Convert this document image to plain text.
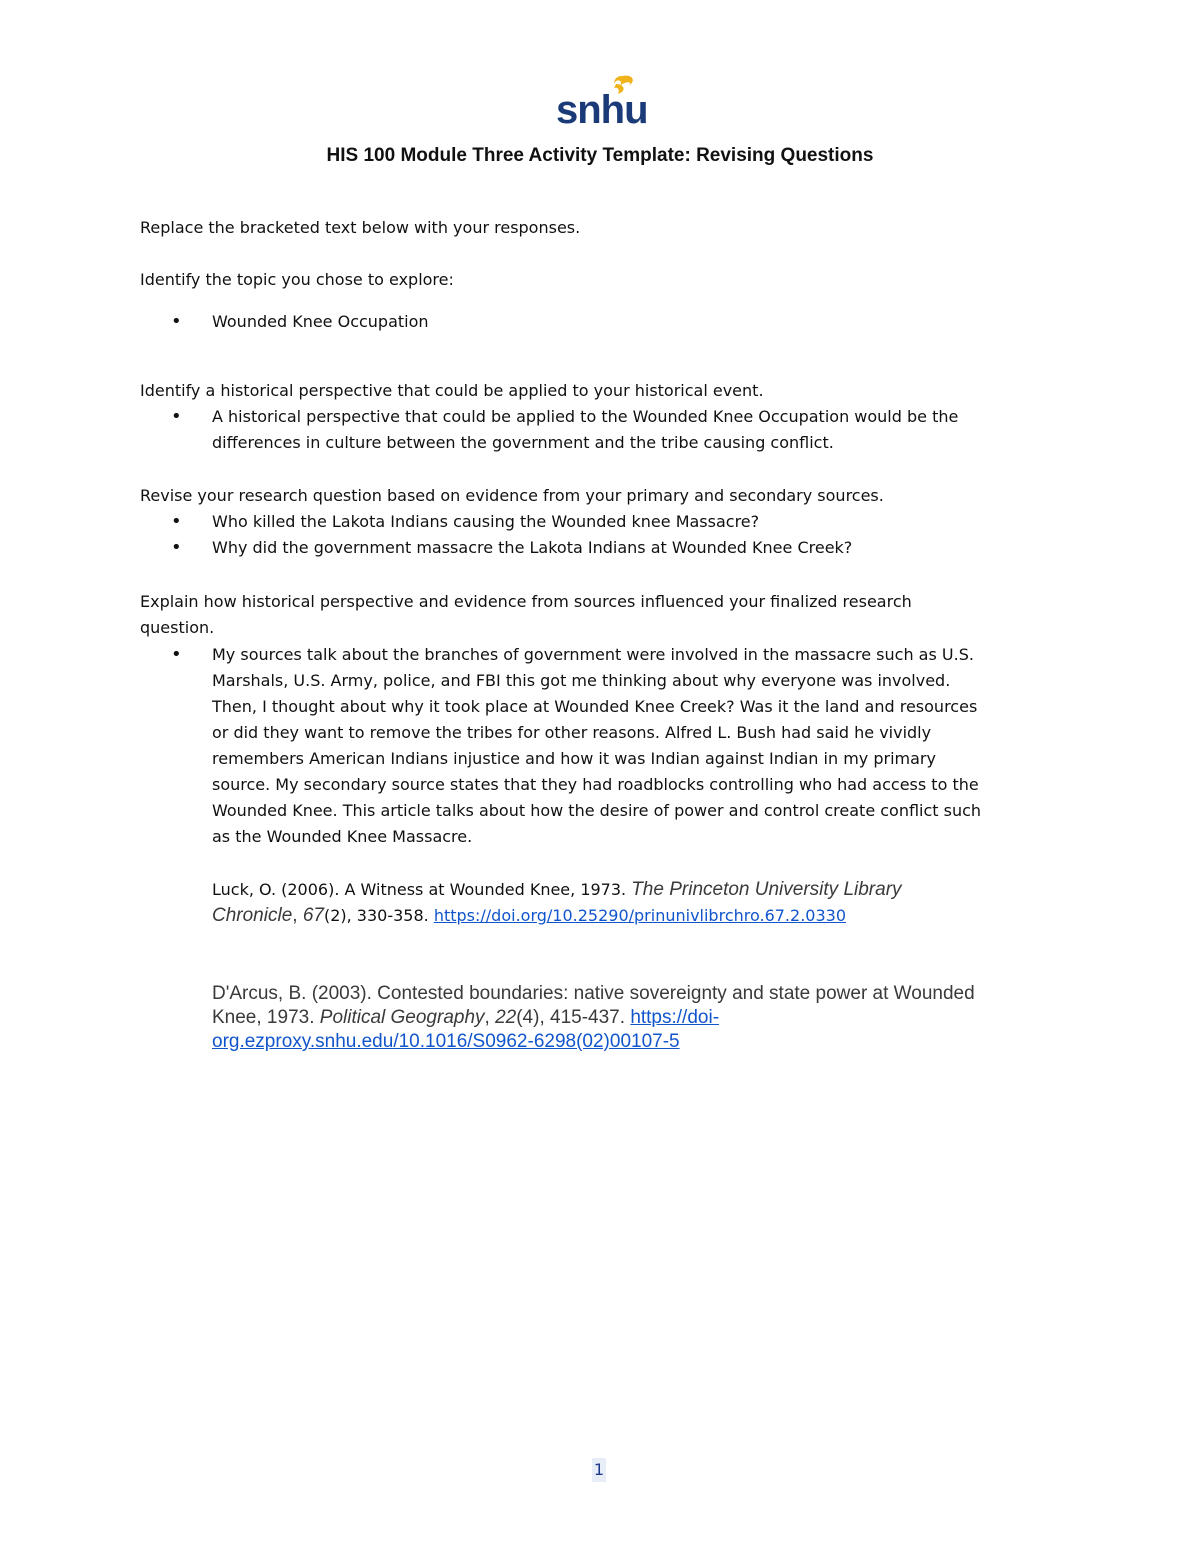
snhu
HIS 100 Module Three Activity Template: Revising Questions
Replace the bracketed text below with your responses.
Identify the topic you chose to explore:
•	Wounded Knee Occupation
Identify a historical perspective that could be applied to your historical event.
•	A historical perspective that could be applied to the Wounded Knee Occupation would be the
differences in culture between the government and the tribe causing conflict.
Revise your research question based on evidence from your primary and secondary sources.
•	Who killed the Lakota Indians causing the Wounded knee Massacre?
•	Why did the government massacre the Lakota Indians at Wounded Knee Creek?
Explain how historical perspective and evidence from sources influenced your finalized research
question.
•	My sources talk about the branches of government were involved in the massacre such as U.S.
Marshals, U.S. Army, police, and FBI this got me thinking about why everyone was involved.
Then, I thought about why it took place at Wounded Knee Creek? Was it the land and resources
or did they want to remove the tribes for other reasons. Alfred L. Bush had said he vividly
remembers American Indians injustice and how it was Indian against Indian in my primary
source. My secondary source states that they had roadblocks controlling who had access to the
Wounded Knee. This article talks about how the desire of power and control create conflict such
as the Wounded Knee Massacre.
Luck, O. (2006). A Witness at Wounded Knee, 1973. The Princeton University Library
Chronicle, 67(2), 330-358. https://doi.org/10.25290/prinunivlibrchro.67.2.0330
D'Arcus, B. (2003). Contested boundaries: native sovereignty and state power at Wounded
Knee, 1973. Political Geography, 22(4), 415-437. https://doi-
org.ezproxy.snhu.edu/10.1016/S0962-6298(02)00107-5
1
